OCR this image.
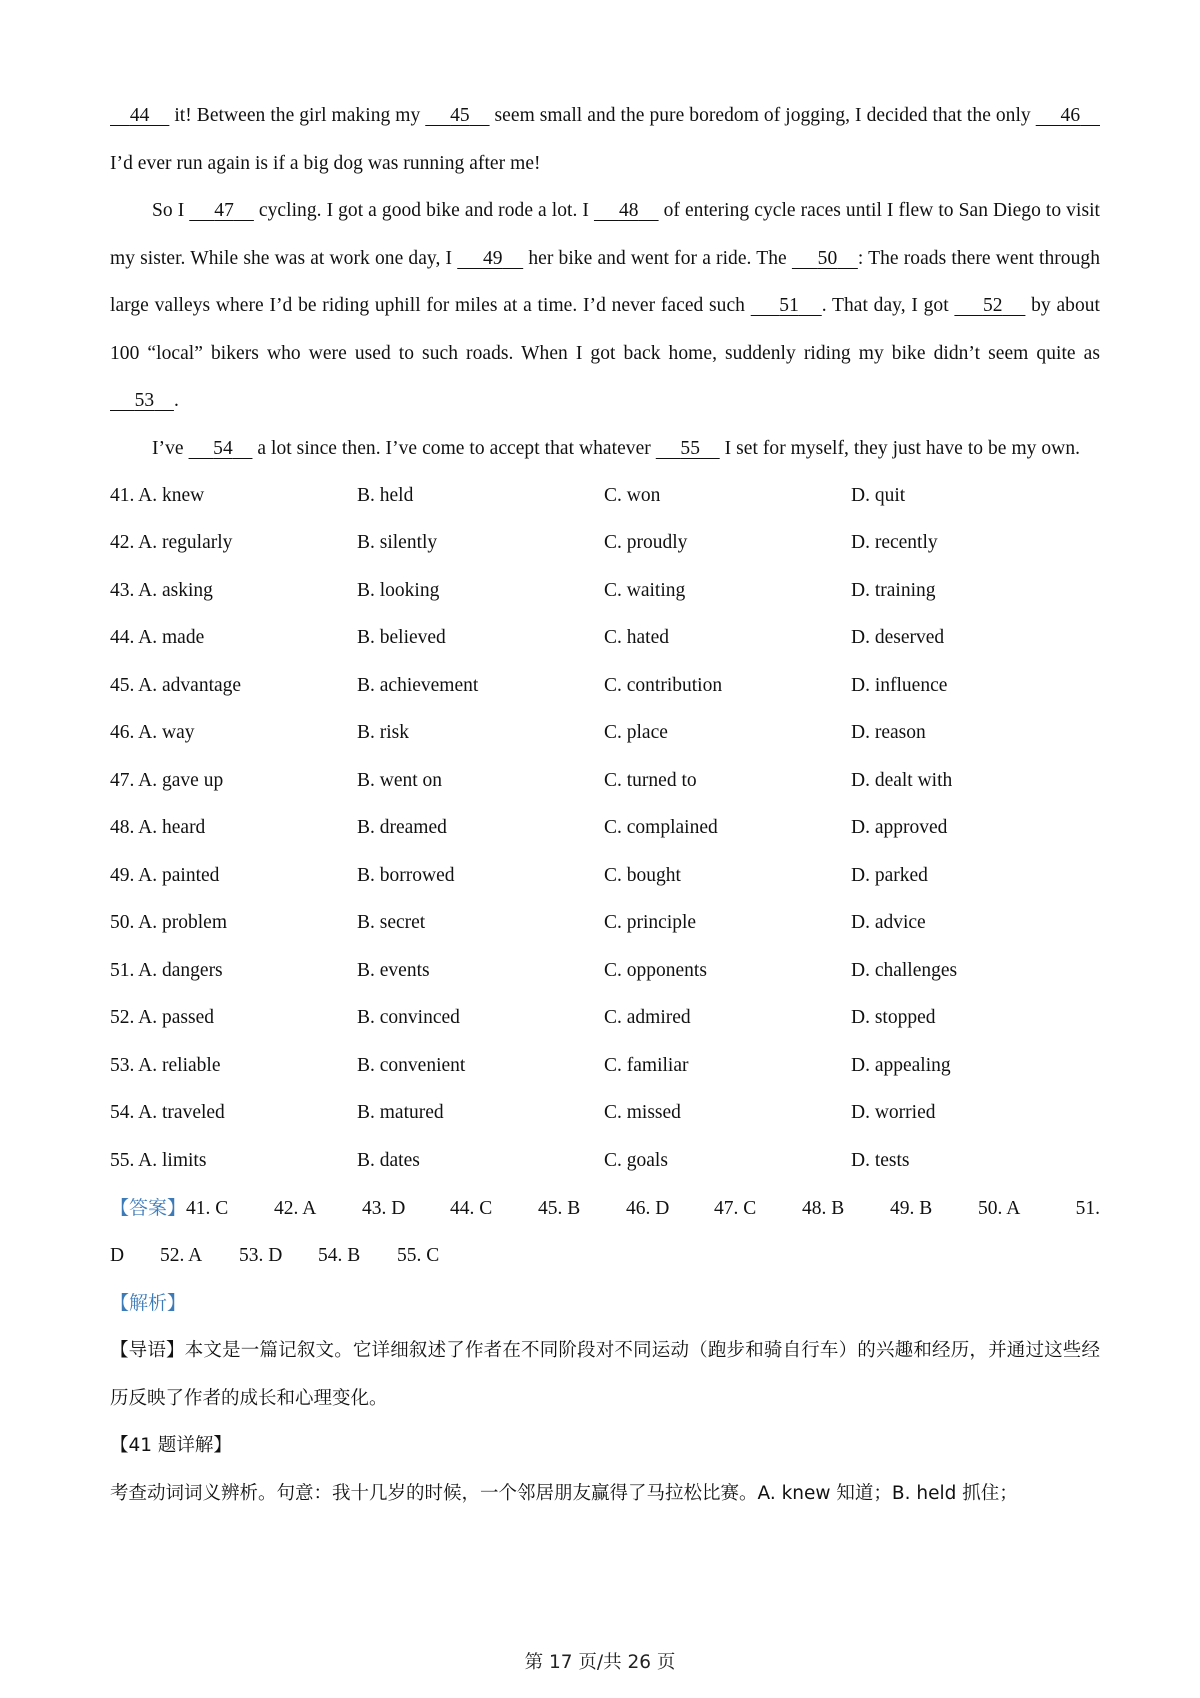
44     it! Between the girl making my      45     seem small and the pure boredom of jogging, I decided that the only      46     I’d ever run again is if a big dog was running after me!

So I      47     cycling. I got a good bike and rode a lot. I      48     of entering cycle races until I flew to San Diego to visit my sister. While she was at work one day, I      49     her bike and went for a ride. The      50 : The roads there went through large valleys where I’d be riding uphill for miles at a time. I’d never faced such      51 . That day, I got      52     by about 100 “local” bikers who were used to such roads. When I got back home, suddenly riding my bike didn’t seem quite as      53 .

I’ve      54     a lot since then. I’ve come to accept that whatever      55     I set for myself, they just have to be my own.

41. A. knew	B. held	C. won	D. quit
42. A. regularly	B. silently	C. proudly	D. recently
43. A. asking	B. looking	C. waiting	D. training
44. A. made	B. believed	C. hated	D. deserved
45. A. advantage	B. achievement	C. contribution	D. influence
46. A. way	B. risk	C. place	D. reason
47. A. gave up	B. went on	C. turned to	D. dealt with
48. A. heard	B. dreamed	C. complained	D. approved
49. A. painted	B. borrowed	C. bought	D. parked
50. A. problem	B. secret	C. principle	D. advice
51. A. dangers	B. events	C. opponents	D. challenges
52. A. passed	B. convinced	C. admired	D. stopped
53. A. reliable	B. convenient	C. familiar	D. appealing
54. A. traveled	B. matured	C. missed	D. worried
55. A. limits	B. dates	C. goals	D. tests
【答案】 41. C	42. A	43. D	44. C	45. B	46. D	47. C	48. B	49. B	50. A	51.
D	52. A	53. D	54. B	55. C

【解析】

【导语】本文是一篇记叙文。它详细叙述了作者在不同阶段对不同运动（跑步和骑自行车）的兴趣和经历，并通过这些经历反映了作者的成长和心理变化。

【41 题详解】

考查动词词义辨析。句意：我十几岁的时候，一个邻居朋友赢得了马拉松比赛。A. knew 知道；B. held 抓住；

第 17 页/共 26 页
